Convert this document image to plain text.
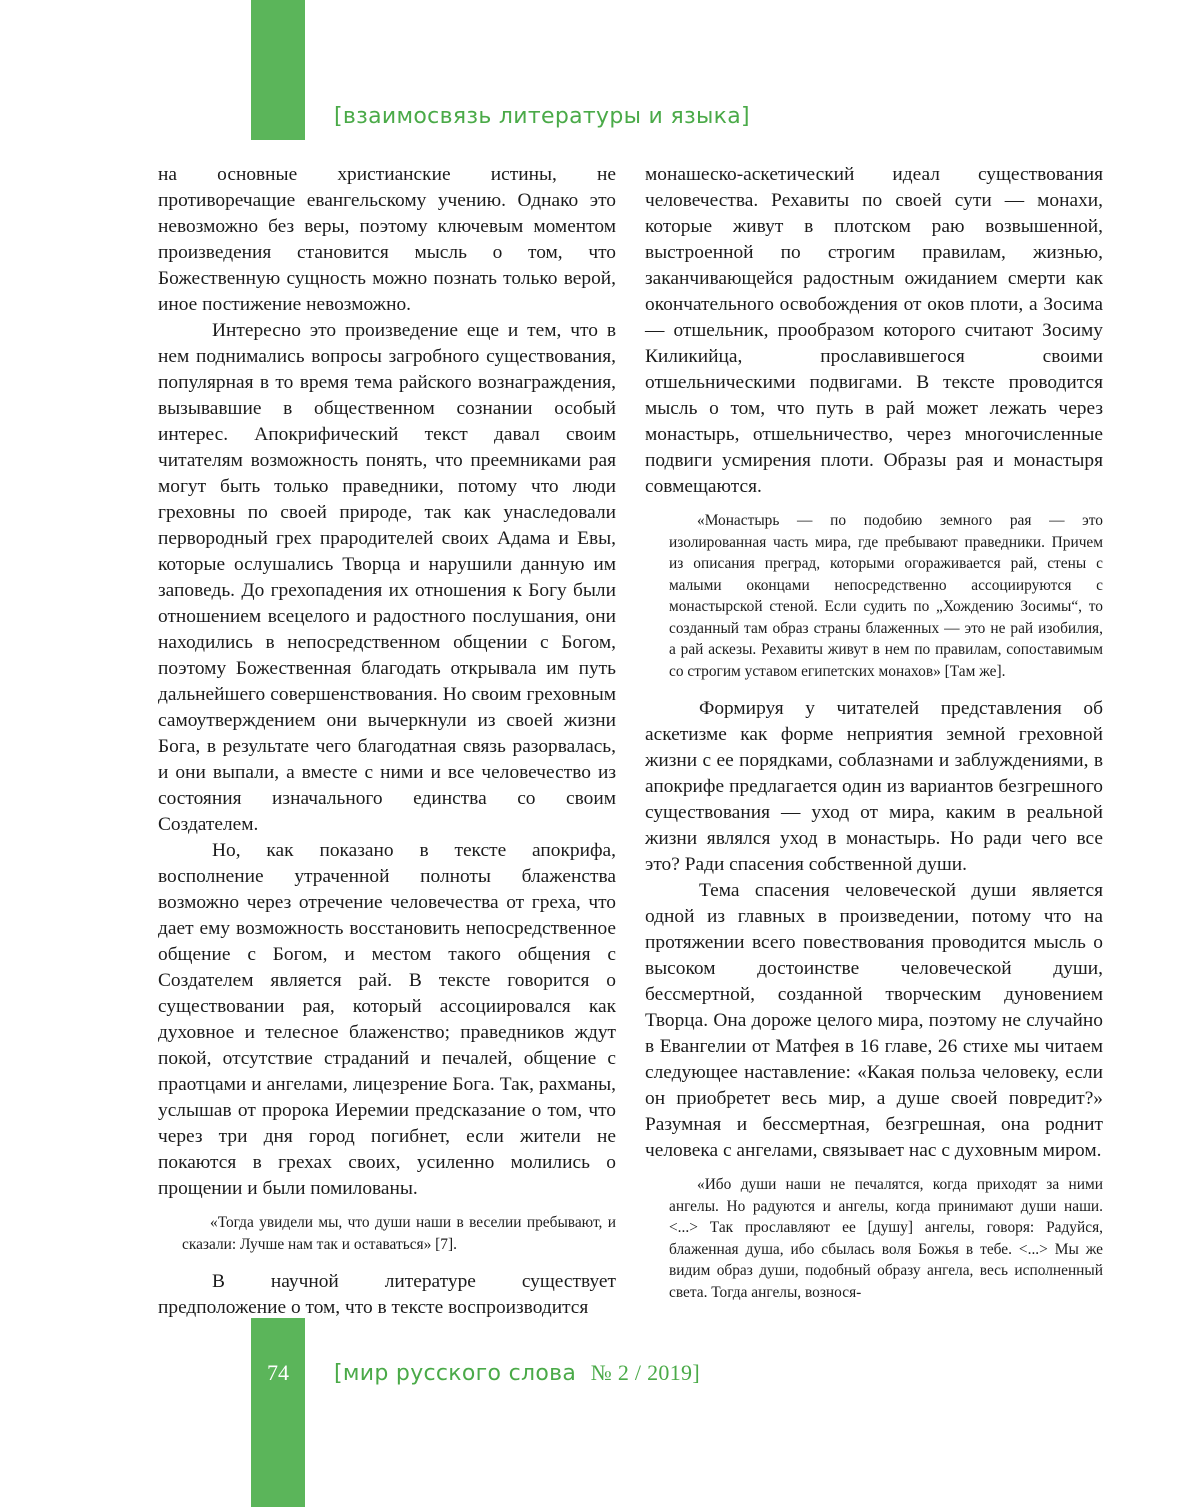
[взаимосвязь литературы и языка]

на основные христианские истины, не противоречащие евангельскому учению. Однако это невозможно без веры, поэтому ключевым моментом произведения становится мысль о том, что Божественную сущность можно познать только верой, иное постижение невозможно.

Интересно это произведение еще и тем, что в нем поднимались вопросы загробного существования, популярная в то время тема райского вознаграждения, вызывавшие в общественном сознании особый интерес. Апокрифический текст давал своим читателям возможность понять, что преемниками рая могут быть только праведники, потому что люди греховны по своей природе, так как унаследовали первородный грех прародителей своих Адама и Евы, которые ослушались Творца и нарушили данную им заповедь. До грехопадения их отношения к Богу были отношением всецелого и радостного послушания, они находились в непосредственном общении с Богом, поэтому Божественная благодать открывала им путь дальнейшего совершенствования. Но своим греховным самоутверждением они вычеркнули из своей жизни Бога, в результате чего благодатная связь разорвалась, и они выпали, а вместе с ними и все человечество из состояния изначального единства со своим Создателем.

Но, как показано в тексте апокрифа, восполнение утраченной полноты блаженства возможно через отречение человечества от греха, что дает ему возможность восстановить непосредственное общение с Богом, и местом такого общения с Создателем является рай. В тексте говорится о существовании рая, который ассоциировался как духовное и телесное блаженство; праведников ждут покой, отсутствие страданий и печалей, общение с праотцами и ангелами, лицезрение Бога. Так, рахманы, услышав от пророка Иеремии предсказание о том, что через три дня город погибнет, если жители не покаются в грехах своих, усиленно молились о прощении и были помилованы.

«Тогда увидели мы, что души наши в веселии пребывают, и сказали: Лучше нам так и оставаться» [7].

В научной литературе существует предположение о том, что в тексте воспроизводится

монашеско-аскетический идеал существования человечества. Рехавиты по своей сути — монахи, которые живут в плотском раю возвышенной, выстроенной по строгим правилам, жизнью, заканчивающейся радостным ожиданием смерти как окончательного освобождения от оков плоти, а Зосима — отшельник, прообразом которого считают Зосиму Киликийца, прославившегося своими отшельническими подвигами. В тексте проводится мысль о том, что путь в рай может лежать через монастырь, отшельничество, через многочисленные подвиги усмирения плоти. Образы рая и монастыря совмещаются.

«Монастырь — по подобию земного рая — это изолированная часть мира, где пребывают праведники. Причем из описания преград, которыми огораживается рай, стены с малыми оконцами непосредственно ассоциируются с монастырской стеной. Если судить по „Хождению Зосимы“, то созданный там образ страны блаженных — это не рай изобилия, а рай аскезы. Рехавиты живут в нем по правилам, сопоставимым со строгим уставом египетских монахов» [Там же].

Формируя у читателей представления об аскетизме как форме неприятия земной греховной жизни с ее порядками, соблазнами и заблуждениями, в апокрифе предлагается один из вариантов безгрешного существования — уход от мира, каким в реальной жизни являлся уход в монастырь. Но ради чего все это? Ради спасения собственной души.

Тема спасения человеческой души является одной из главных в произведении, потому что на протяжении всего повествования проводится мысль о высоком достоинстве человеческой души, бессмертной, созданной творческим дуновением Творца. Она дороже целого мира, поэтому не случайно в Евангелии от Матфея в 16 главе, 26 стихе мы читаем следующее наставление: «Какая польза человеку, если он приобретет весь мир, а душе своей повредит?» Разумная и бессмертная, безгрешная, она роднит человека с ангелами, связывает нас с духовным миром.

«Ибо души наши не печалятся, когда приходят за ними ангелы. Но радуются и ангелы, когда принимают души наши. <...> Так прославляют ее [душу] ангелы, говоря: Радуйся, блаженная душа, ибо сбылась воля Божья в тебе. <...> Мы же видим образ души, подобный образу ангела, весь исполненный света. Тогда ангелы, вознося-
74	[мир русского слова № 2 / 2019]
